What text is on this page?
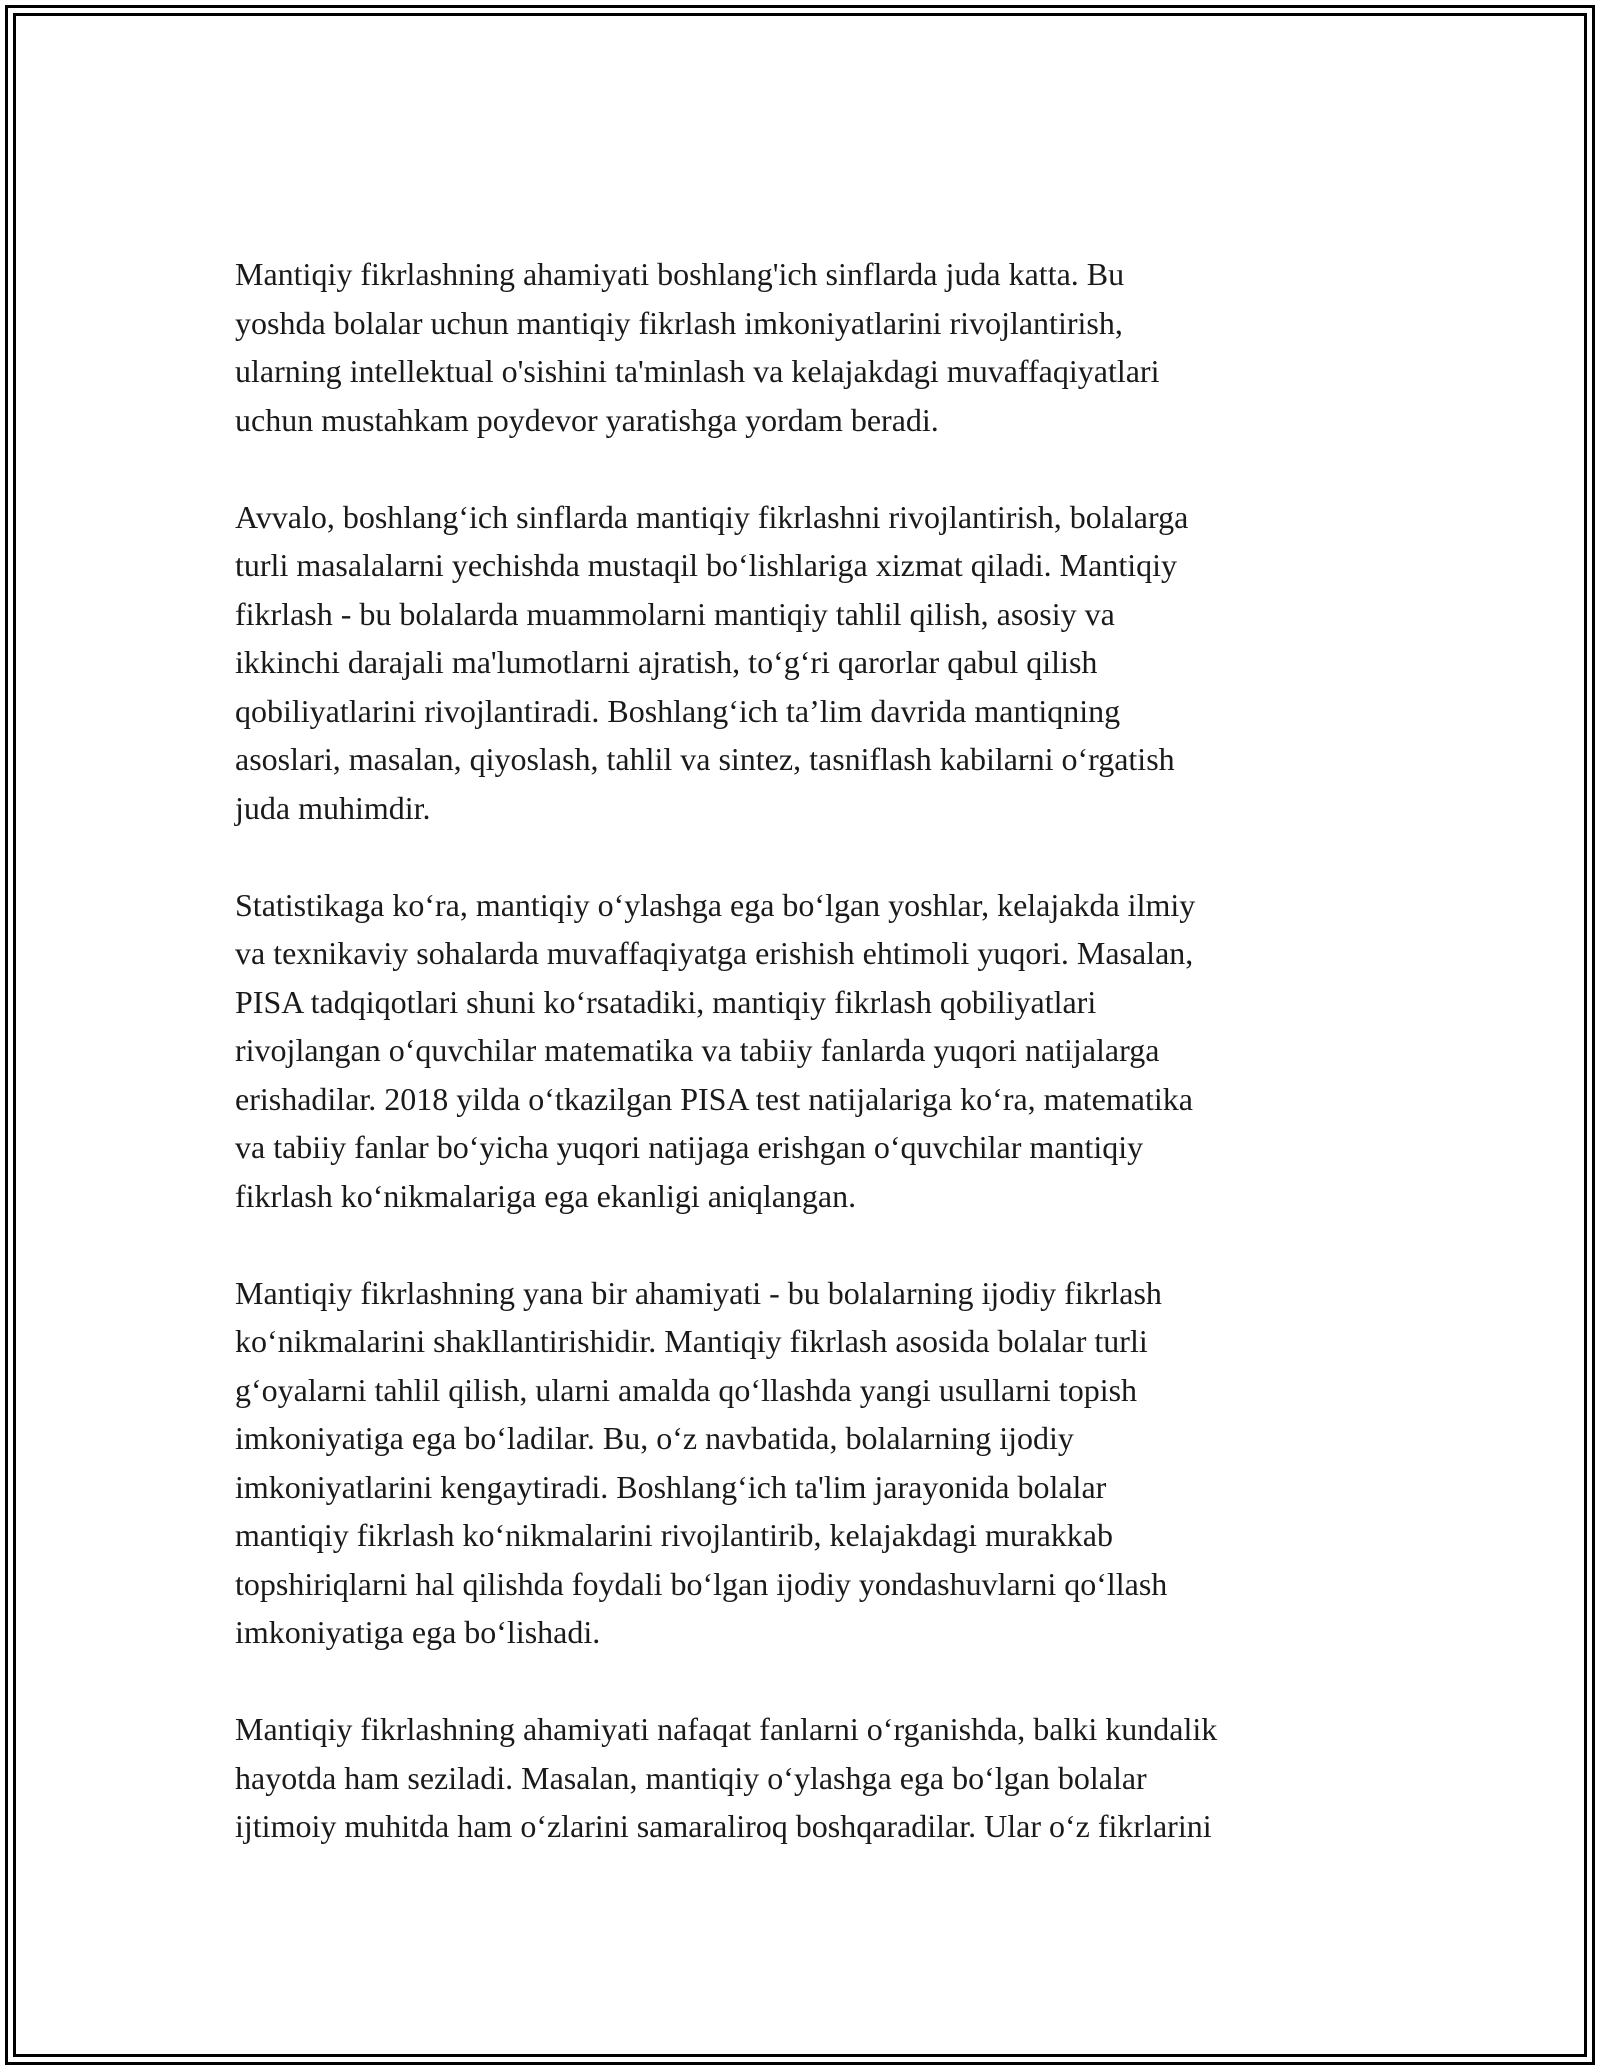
Mantiqiy fikrlashning ahamiyati boshlang'ich sinflarda juda katta. Bu
yoshda bolalar uchun mantiqiy fikrlash imkoniyatlarini rivojlantirish,
ularning intellektual o'sishini ta'minlash va kelajakdagi muvaffaqiyatlari
uchun mustahkam poydevor yaratishga yordam beradi.

Avvalo, boshlang‘ich sinflarda mantiqiy fikrlashni rivojlantirish, bolalarga
turli masalalarni yechishda mustaqil bo‘lishlariga xizmat qiladi. Mantiqiy
fikrlash - bu bolalarda muammolarni mantiqiy tahlil qilish, asosiy va
ikkinchi darajali ma'lumotlarni ajratish, to‘g‘ri qarorlar qabul qilish
qobiliyatlarini rivojlantiradi. Boshlang‘ich ta’lim davrida mantiqning
asoslari, masalan, qiyoslash, tahlil va sintez, tasniflash kabilarni o‘rgatish
juda muhimdir.

Statistikaga ko‘ra, mantiqiy o‘ylashga ega bo‘lgan yoshlar, kelajakda ilmiy
va texnikaviy sohalarda muvaffaqiyatga erishish ehtimoli yuqori. Masalan,
PISA tadqiqotlari shuni ko‘rsatadiki, mantiqiy fikrlash qobiliyatlari
rivojlangan o‘quvchilar matematika va tabiiy fanlarda yuqori natijalarga
erishadilar. 2018 yilda o‘tkazilgan PISA test natijalariga ko‘ra, matematika
va tabiiy fanlar bo‘yicha yuqori natijaga erishgan o‘quvchilar mantiqiy
fikrlash ko‘nikmalariga ega ekanligi aniqlangan.

Mantiqiy fikrlashning yana bir ahamiyati - bu bolalarning ijodiy fikrlash
ko‘nikmalarini shakllantirishidir. Mantiqiy fikrlash asosida bolalar turli
g‘oyalarni tahlil qilish, ularni amalda qo‘llashda yangi usullarni topish
imkoniyatiga ega bo‘ladilar. Bu, o‘z navbatida, bolalarning ijodiy
imkoniyatlarini kengaytiradi. Boshlang‘ich ta'lim jarayonida bolalar
mantiqiy fikrlash ko‘nikmalarini rivojlantirib, kelajakdagi murakkab
topshiriqlarni hal qilishda foydali bo‘lgan ijodiy yondashuvlarni qo‘llash
imkoniyatiga ega bo‘lishadi.

Mantiqiy fikrlashning ahamiyati nafaqat fanlarni o‘rganishda, balki kundalik
hayotda ham seziladi. Masalan, mantiqiy o‘ylashga ega bo‘lgan bolalar
ijtimoiy muhitda ham o‘zlarini samaraliroq boshqaradilar. Ular o‘z fikrlarini
